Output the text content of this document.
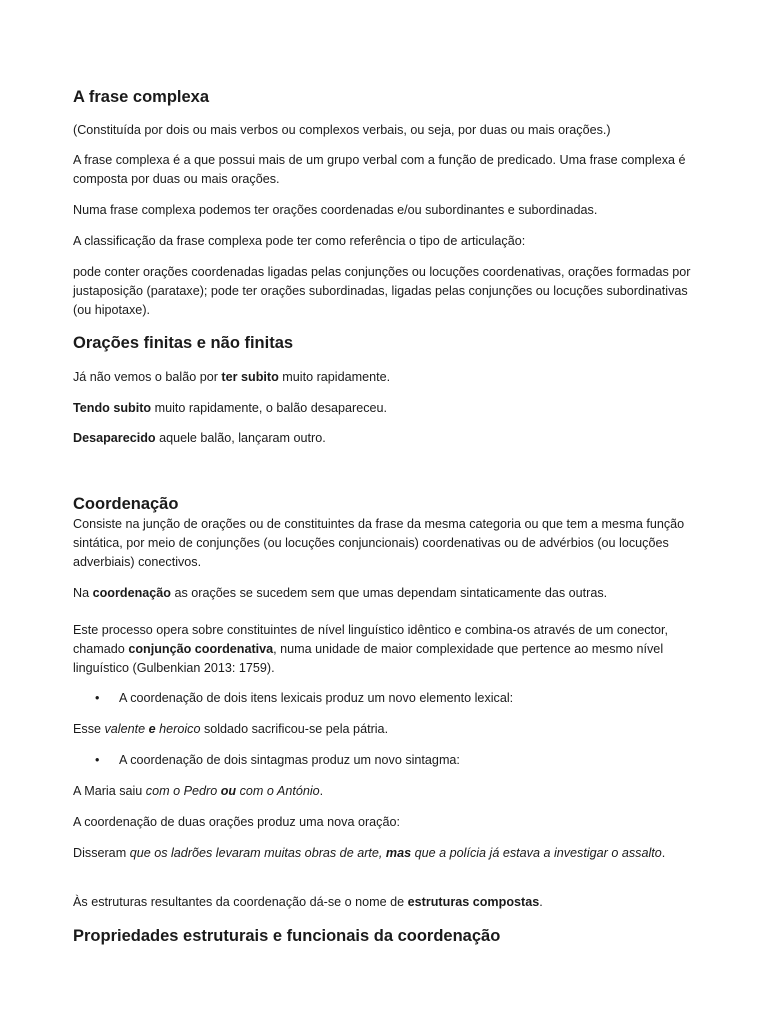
A frase complexa

(Constituída por dois ou mais verbos ou complexos verbais, ou seja, por duas ou mais orações.)

A frase complexa é a que possui mais de um grupo verbal com a função de predicado. Uma frase complexa é composta por duas ou mais orações.

Numa frase complexa podemos ter orações coordenadas e/ou subordinantes e subordinadas.

A classificação da frase complexa pode ter como referência o tipo de articulação:

pode conter orações coordenadas ligadas pelas conjunções ou locuções coordenativas, orações formadas por justaposição (parataxe); pode ter orações subordinadas, ligadas pelas conjunções ou locuções subordinativas (ou hipotaxe).

Orações finitas e não finitas

Já não vemos o balão por ter subito muito rapidamente.

Tendo subito muito rapidamente, o balão desapareceu.

Desaparecido aquele balão, lançaram outro.

Coordenação

Consiste na junção de orações ou de constituintes da frase da mesma categoria ou que tem a mesma função sintática, por meio de conjunções (ou locuções conjuncionais) coordenativas ou de advérbios (ou locuções adverbiais) conectivos.

Na coordenação as orações se sucedem sem que umas dependam sintaticamente das outras.

Este processo opera sobre constituintes de nível linguístico idêntico e combina-os através de um conector, chamado conjunção coordenativa, numa unidade de maior complexidade que pertence ao mesmo nível linguístico (Gulbenkian 2013: 1759).

• A coordenação de dois itens lexicais produz um novo elemento lexical:

Esse valente e heroico soldado sacrificou-se pela pátria.

• A coordenação de dois sintagmas produz um novo sintagma:

A Maria saiu com o Pedro ou com o António.

A coordenação de duas orações produz uma nova oração:

Disseram que os ladrões levaram muitas obras de arte, mas que a polícia já estava a investigar o assalto.

Às estruturas resultantes da coordenação dá-se o nome de estruturas compostas.

Propriedades estruturais e funcionais da coordenação
